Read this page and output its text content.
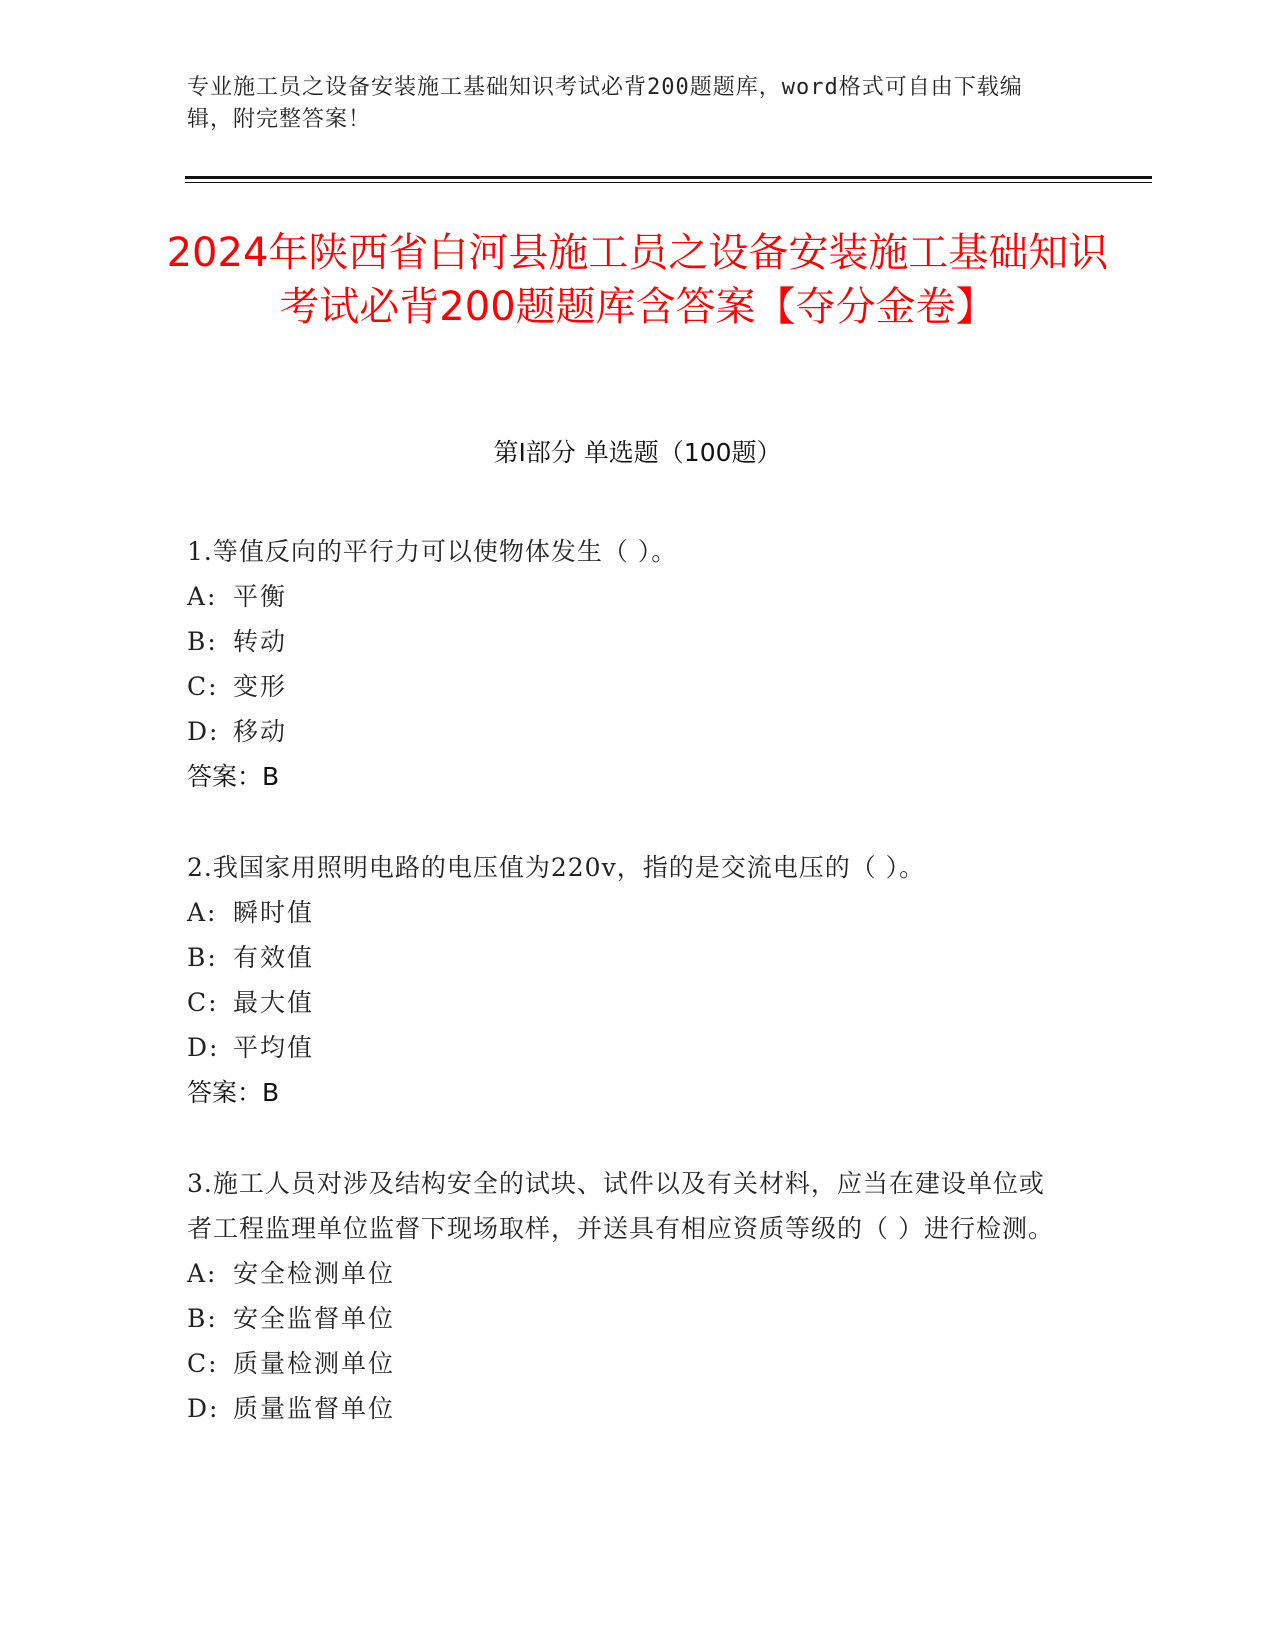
专业施工员之设备安装施工基础知识考试必背200题题库，word格式可自由下载编辑，附完整答案！
2024年陕西省白河县施工员之设备安装施工基础知识考试必背200题题库含答案【夺分金卷】
第I部分 单选题（100题）

1.等值反向的平行力可以使物体发生（ ）。

A: 平衡

B: 转动

C: 变形

D: 移动

答案：B

2.我国家用照明电路的电压值为220v，指的是交流电压的（ ）。

A: 瞬时值

B: 有效值

C: 最大值

D: 平均值

答案：B

3.施工人员对涉及结构安全的试块、试件以及有关材料，应当在建设单位或者工程监理单位监督下现场取样，并送具有相应资质等级的（ ）进行检测。

A: 安全检测单位

B: 安全监督单位

C: 质量检测单位

D: 质量监督单位
